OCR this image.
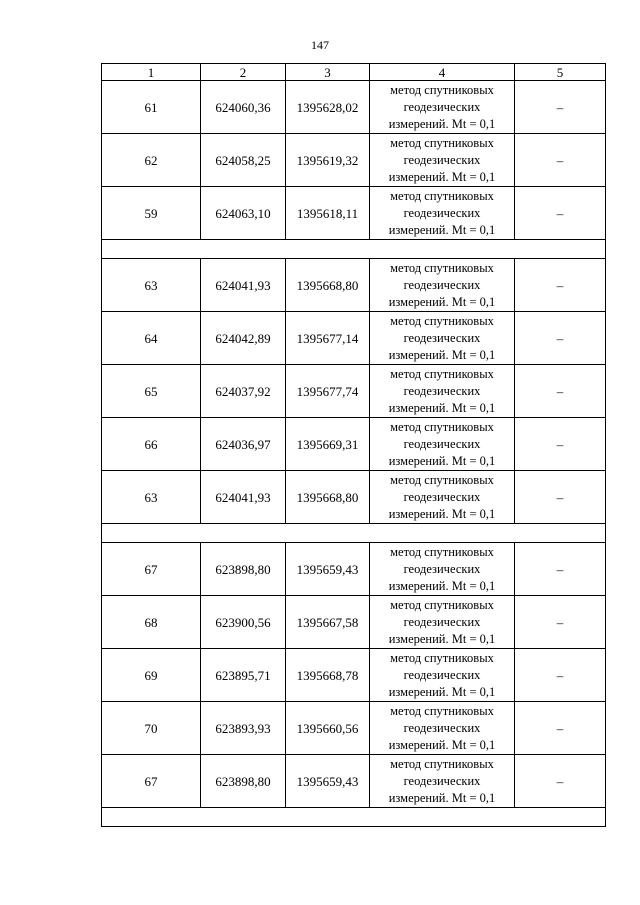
147
1	2	3	4	5
61	624060,36	1395628,02	метод спутниковых
геодезических
измерений. Mt = 0,1	–
62	624058,25	1395619,32	метод спутниковых
геодезических
измерений. Mt = 0,1	–
59	624063,10	1395618,11	метод спутниковых
геодезических
измерений. Mt = 0,1	–

63	624041,93	1395668,80	метод спутниковых
геодезических
измерений. Mt = 0,1	–
64	624042,89	1395677,14	метод спутниковых
геодезических
измерений. Mt = 0,1	–
65	624037,92	1395677,74	метод спутниковых
геодезических
измерений. Mt = 0,1	–
66	624036,97	1395669,31	метод спутниковых
геодезических
измерений. Mt = 0,1	–
63	624041,93	1395668,80	метод спутниковых
геодезических
измерений. Mt = 0,1	–

67	623898,80	1395659,43	метод спутниковых
геодезических
измерений. Mt = 0,1	–
68	623900,56	1395667,58	метод спутниковых
геодезических
измерений. Mt = 0,1	–
69	623895,71	1395668,78	метод спутниковых
геодезических
измерений. Mt = 0,1	–
70	623893,93	1395660,56	метод спутниковых
геодезических
измерений. Mt = 0,1	–
67	623898,80	1395659,43	метод спутниковых
геодезических
измерений. Mt = 0,1	–
